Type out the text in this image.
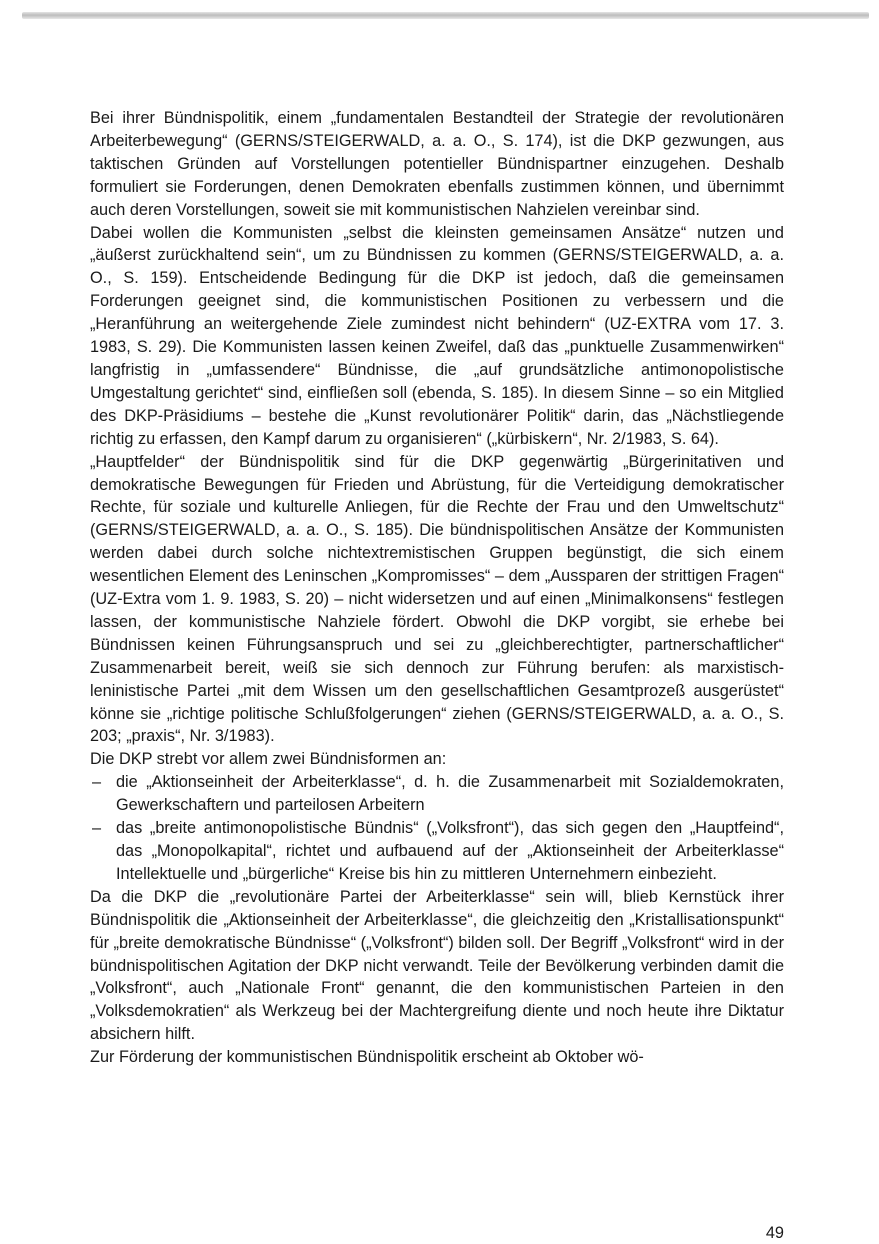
Bei ihrer Bündnispolitik, einem „fundamentalen Bestandteil der Strategie der revolutionären Arbeiterbewegung“ (GERNS/STEIGERWALD, a. a. O., S. 174), ist die DKP gezwungen, aus taktischen Gründen auf Vorstellungen potentieller Bündnispartner einzugehen. Deshalb formuliert sie Forderungen, denen Demokraten ebenfalls zustimmen können, und übernimmt auch deren Vorstellungen, soweit sie mit kommunistischen Nahzielen vereinbar sind.

Dabei wollen die Kommunisten „selbst die kleinsten gemeinsamen Ansätze“ nutzen und „äußerst zurückhaltend sein“, um zu Bündnissen zu kommen (GERNS/STEIGERWALD, a. a. O., S. 159). Entscheidende Bedingung für die DKP ist jedoch, daß die gemeinsamen Forderungen geeignet sind, die kommunistischen Positionen zu verbessern und die „Heranführung an weitergehende Ziele zumindest nicht behindern“ (UZ-EXTRA vom 17. 3. 1983, S. 29). Die Kommunisten lassen keinen Zweifel, daß das „punktuelle Zusammenwirken“ langfristig in „umfassendere“ Bündnisse, die „auf grundsätzliche antimonopolistische Umgestaltung gerichtet“ sind, einfließen soll (ebenda, S. 185). In diesem Sinne – so ein Mitglied des DKP-Präsidiums – bestehe die „Kunst revolutionärer Politik“ darin, das „Nächstliegende richtig zu erfassen, den Kampf darum zu organisieren“ („kürbiskern“, Nr. 2/1983, S. 64).

„Hauptfelder“ der Bündnispolitik sind für die DKP gegenwärtig „Bürgerinitativen und demokratische Bewegungen für Frieden und Abrüstung, für die Verteidigung demokratischer Rechte, für soziale und kulturelle Anliegen, für die Rechte der Frau und den Umweltschutz“ (GERNS/STEIGERWALD, a. a. O., S. 185). Die bündnispolitischen Ansätze der Kommunisten werden dabei durch solche nichtextremistischen Gruppen begünstigt, die sich einem wesentlichen Element des Leninschen „Kompromisses“ – dem „Aussparen der strittigen Fragen“ (UZ-Extra vom 1. 9. 1983, S. 20) – nicht widersetzen und auf einen „Minimalkonsens“ festlegen lassen, der kommunistische Nahziele fördert. Obwohl die DKP vorgibt, sie erhebe bei Bündnissen keinen Führungsanspruch und sei zu „gleichberechtigter, partnerschaftlicher“ Zusammenarbeit bereit, weiß sie sich dennoch zur Führung berufen: als marxistisch-leninistische Partei „mit dem Wissen um den gesellschaftlichen Gesamtprozeß ausgerüstet“ könne sie „richtige politische Schlußfolgerungen“ ziehen (GERNS/STEIGERWALD, a. a. O., S. 203; „praxis“, Nr. 3/1983).

Die DKP strebt vor allem zwei Bündnisformen an:

– die „Aktionseinheit der Arbeiterklasse“, d. h. die Zusammenarbeit mit Sozialdemokraten, Gewerkschaftern und parteilosen Arbeitern
– das „breite antimonopolistische Bündnis“ („Volksfront“), das sich gegen den „Hauptfeind“, das „Monopolkapital“, richtet und aufbauend auf der „Aktionseinheit der Arbeiterklasse“ Intellektuelle und „bürgerliche“ Kreise bis hin zu mittleren Unternehmern einbezieht.

Da die DKP die „revolutionäre Partei der Arbeiterklasse“ sein will, blieb Kernstück ihrer Bündnispolitik die „Aktionseinheit der Arbeiterklasse“, die gleichzeitig den „Kristallisationspunkt“ für „breite demokratische Bündnisse“ („Volksfront“) bilden soll. Der Begriff „Volksfront“ wird in der bündnispolitischen Agitation der DKP nicht verwandt. Teile der Bevölkerung verbinden damit die „Volksfront“, auch „Nationale Front“ genannt, die den kommunistischen Parteien in den „Volksdemokratien“ als Werkzeug bei der Machtergreifung diente und noch heute ihre Diktatur absichern hilft.

Zur Förderung der kommunistischen Bündnispolitik erscheint ab Oktober wö-

49
